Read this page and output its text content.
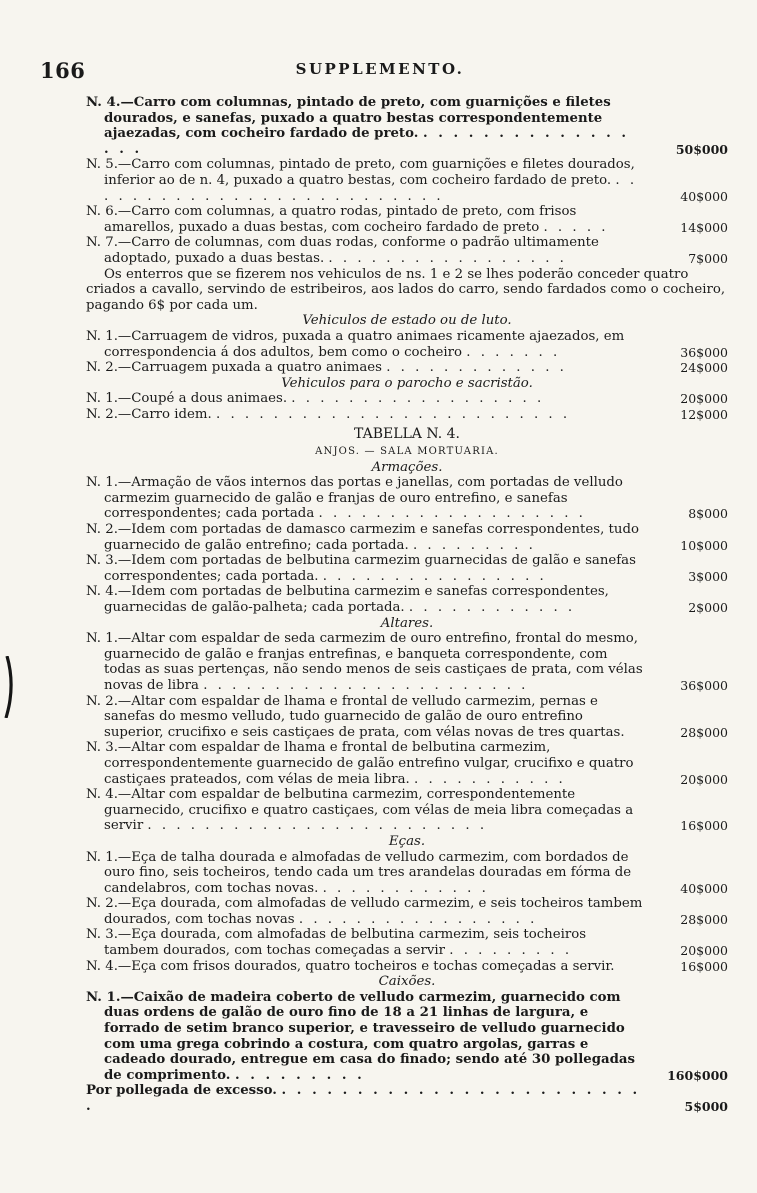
166	SUPPLEMENTO.

N. 4.—Carro com columnas, pintado de preto, com guarnições e filetes dourados, e sanefas, puxado a quatro bestas correspondentemente ajaezadas, com cocheiro fardado de preto. . . . . . . . . . . . . . . . . .	50$000

N. 5.—Carro com columnas, pintado de preto, com guarnições e filetes dourados, inferior ao de n. 4, puxado a quatro bestas, com cocheiro fardado de preto. . . . . . . . . . . . . . . . . . . . . . . . . . .	40$000

N. 6.—Carro com columnas, a quatro rodas, pintado de preto, com frisos amarellos, puxado a duas bestas, com cocheiro fardado de preto . . . . .	14$000

N. 7.—Carro de columnas, com duas rodas, conforme o padrão ultimamente adoptado, puxado a duas bestas. . . . . . . . . . . . . . . . . .	7$000

Os enterros que se fizerem nos vehiculos de ns. 1 e 2 se lhes poderão conceder quatro criados a cavallo, servindo de estribeiros, aos lados do carro, sendo fardados como o cocheiro, pagando 6$ por cada um.

Vehiculos de estado ou de luto.

N. 1.—Carruagem de vidros, puxada a quatro animaes ricamente ajaezados, em correspondencia á dos adultos, bem como o cocheiro . . . . . . .	36$000

N. 2.—Carruagem puxada a quatro animaes . . . . . . . . . . . . .	24$000

Vehiculos para o parocho e sacristão.

N. 1.—Coupé a dous animaes. . . . . . . . . . . . . . . . . . .	20$000

N. 2.—Carro idem. . . . . . . . . . . . . . . . . . . . . . . . . .	12$000

TABELLA N. 4.

ANJOS. — SALA MORTUARIA.

Armações.

N. 1.—Armação de vãos internos das portas e janellas, com portadas de velludo carmezim guarnecido de galão e franjas de ouro entrefino, e sanefas correspondentes; cada portada . . . . . . . . . . . . . . . . . . .	8$000

N. 2.—Idem com portadas de damasco carmezim e sanefas correspondentes, tudo guarnecido de galão entrefino; cada portada. . . . . . . . . .	10$000

N. 3.—Idem com portadas de belbutina carmezim guarnecidas de galão e sanefas correspondentes; cada portada. . . . . . . . . . . . . . . . .	3$000

N. 4.—Idem com portadas de belbutina carmezim e sanefas correspondentes, guarnecidas de galão-palheta; cada portada. . . . . . . . . . . . .	2$000

Altares.

N. 1.—Altar com espaldar de seda carmezim de ouro entrefino, frontal do mesmo, guarnecido de galão e franjas entrefinas, e banqueta correspondente, com todas as suas pertenças, não sendo menos de seis castiçaes de prata, com vélas novas de libra . . . . . . . . . . . . . . . . . . . . . . .	36$000

N. 2.—Altar com espaldar de lhama e frontal de velludo carmezim, pernas e sanefas do mesmo velludo, tudo guarnecido de galão de ouro entrefino superior, crucifixo e seis castiçaes de prata, com vélas novas de tres quartas.	28$000

N. 3.—Altar com espaldar de lhama e frontal de belbutina carmezim, correspondentemente guarnecido de galão entrefino vulgar, crucifixo e quatro castiçaes prateados, com vélas de meia libra. . . . . . . . . . . .	20$000

N. 4.—Altar com espaldar de belbutina carmezim, correspondentemente guarnecido, crucifixo e quatro castiçaes, com vélas de meia libra começadas a servir . . . . . . . . . . . . . . . . . . . . . . . .	16$000

Eças.

N. 1.—Eça de talha dourada e almofadas de velludo carmezim, com bordados de ouro fino, seis tocheiros, tendo cada um tres arandelas douradas em fórma de candelabros, com tochas novas. . . . . . . . . . . . .	40$000

N. 2.—Eça dourada, com almofadas de velludo carmezim, e seis tocheiros tambem dourados, com tochas novas . . . . . . . . . . . . . . . . .	28$000

N. 3.—Eça dourada, com almofadas de belbutina carmezim, seis tocheiros tambem dourados, com tochas começadas a servir . . . . . . . . .	20$000

N. 4.—Eça com frisos dourados, quatro tocheiros e tochas começadas a servir.	16$000

Caixões.

N. 1.—Caixão de madeira coberto de velludo carmezim, guarnecido com duas ordens de galão de ouro fino de 18 a 21 linhas de largura, e forrado de setim branco superior, e travesseiro de velludo guarnecido com uma grega cobrindo a costura, com quatro argolas, garras e cadeado dourado, entregue em casa do finado; sendo até 30 pollegadas de comprimento. . . . . . . . . .	160$000

Por pollegada de excesso. . . . . . . . . . . . . . . . . . . . . . . . . .	5$000
